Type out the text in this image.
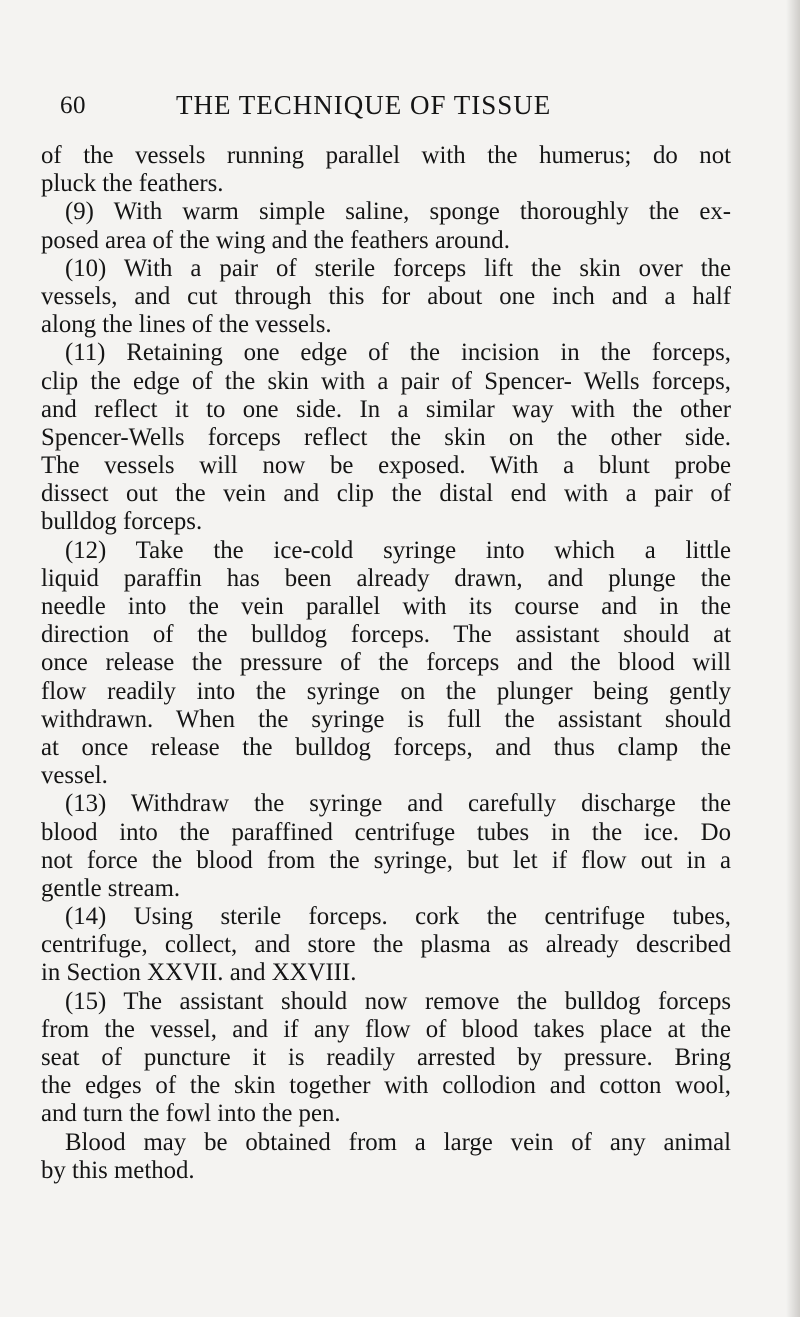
60	THE TECHNIQUE OF TISSUE
of the vessels running parallel with the humerus; do not
pluck the feathers.
(9) With warm simple saline, sponge thoroughly the ex-
posed area of the wing and the feathers around.
(10) With a pair of sterile forceps lift the skin over the
vessels, and cut through this for about one inch and a half
along the lines of the vessels.
(11) Retaining one edge of the incision in the forceps,
clip the edge of the skin with a pair of Spencer- Wells forceps,
and reflect it to one side. In a similar way with the other
Spencer-Wells forceps reflect the skin on the other side.
The vessels will now be exposed. With a blunt probe
dissect out the vein and clip the distal end with a pair of
bulldog forceps.
(12) Take the ice-cold syringe into which a little
liquid paraffin has been already drawn, and plunge the
needle into the vein parallel with its course and in the
direction of the bulldog forceps. The assistant should at
once release the pressure of the forceps and the blood will
flow readily into the syringe on the plunger being gently
withdrawn. When the syringe is full the assistant should
at once release the bulldog forceps, and thus clamp the
vessel.
(13) Withdraw the syringe and carefully discharge the
blood into the paraffined centrifuge tubes in the ice. Do
not force the blood from the syringe, but let if flow out in a
gentle stream.
(14) Using sterile forceps. cork the centrifuge tubes,
centrifuge, collect, and store the plasma as already described
in Section XXVII. and XXVIII.
(15) The assistant should now remove the bulldog forceps
from the vessel, and if any flow of blood takes place at the
seat of puncture it is readily arrested by pressure. Bring
the edges of the skin together with collodion and cotton wool,
and turn the fowl into the pen.
Blood may be obtained from a large vein of any animal
by this method.
